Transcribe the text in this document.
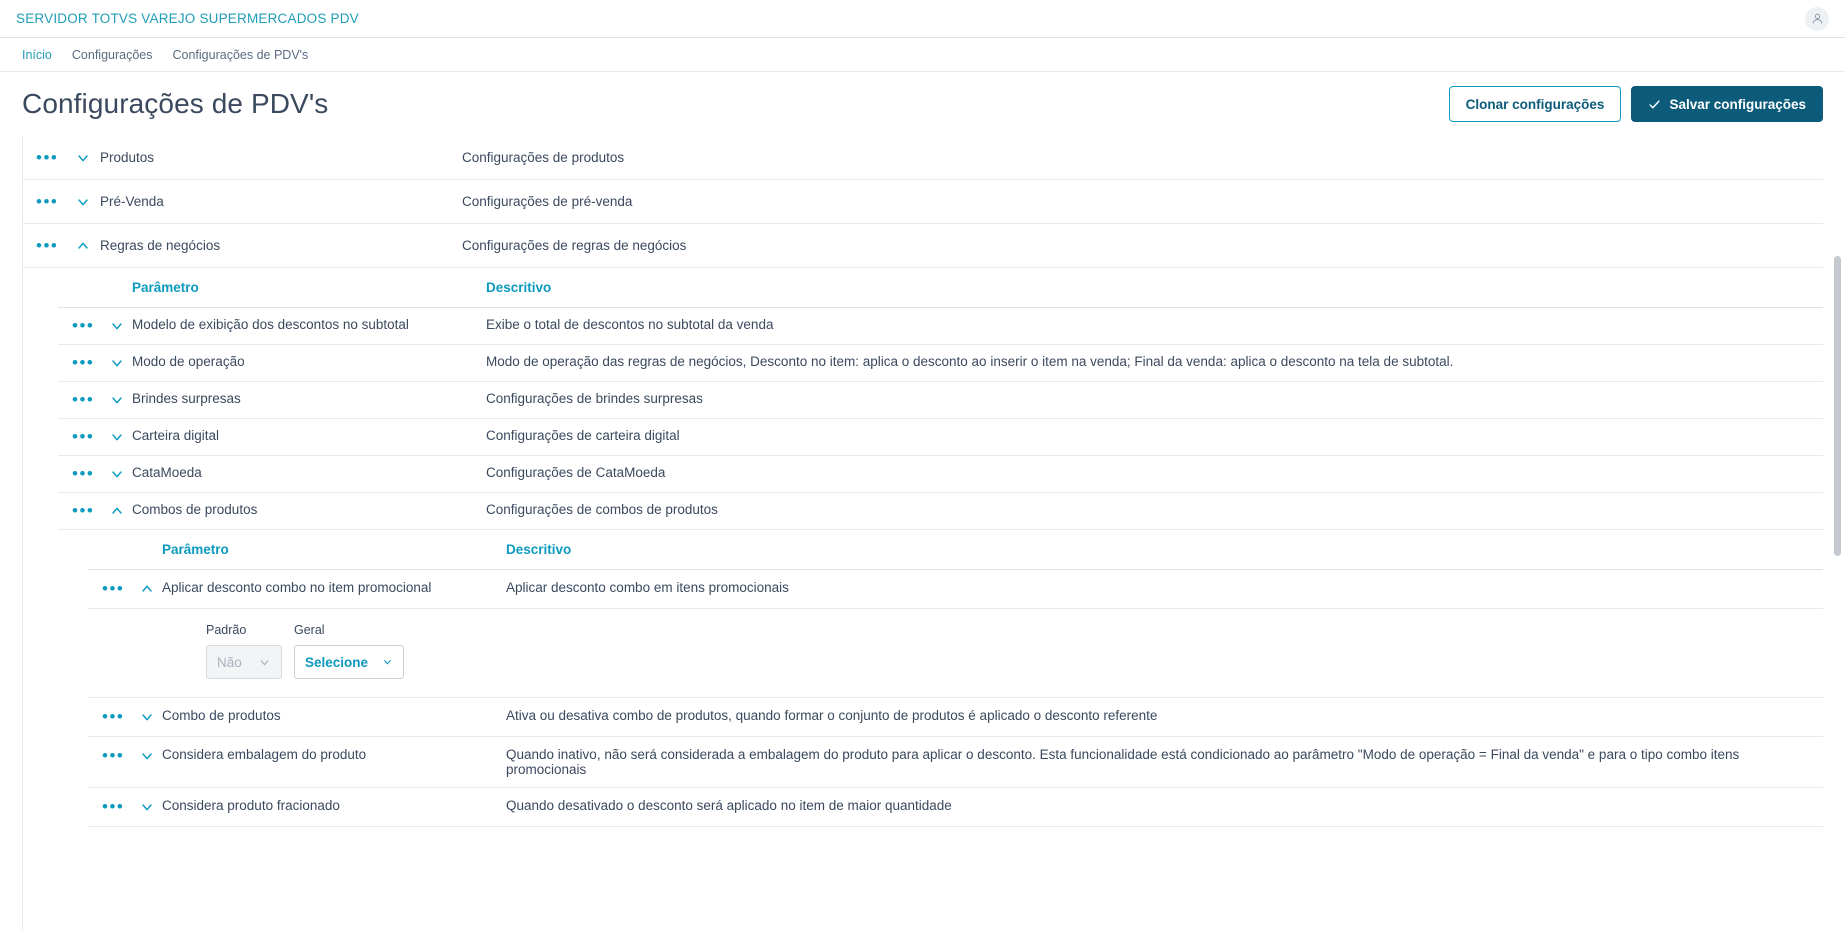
SERVIDOR TOTVS VAREJO SUPERMERCADOS PDV
Início	Configurações	Configurações de PDV's
Configurações de PDV's	Clonar configurações	Salvar configurações
•••	Produtos	Configurações de produtos
•••	Pré-Venda	Configurações de pré-venda
•••	Regras de negócios	Configurações de regras de negócios
Parâmetro	Descritivo
•••	Modelo de exibição dos descontos no subtotal	Exibe o total de descontos no subtotal da venda
•••	Modo de operação	Modo de operação das regras de negócios, Desconto no item: aplica o desconto ao inserir o item na venda; Final da venda: aplica o desconto na tela de subtotal.
•••	Brindes surpresas	Configurações de brindes surpresas
•••	Carteira digital	Configurações de carteira digital
•••	CataMoeda	Configurações de CataMoeda
•••	Combos de produtos	Configurações de combos de produtos
Parâmetro	Descritivo
•••	Aplicar desconto combo no item promocional	Aplicar desconto combo em itens promocionais
Padrão
Não
Geral
Selecione
•••	Combo de produtos	Ativa ou desativa combo de produtos, quando formar o conjunto de produtos é aplicado o desconto referente
•••	Considera embalagem do produto	Quando inativo, não será considerada a embalagem do produto para aplicar o desconto. Esta funcionalidade está condicionado ao parâmetro "Modo de operação = Final da venda" e para o tipo combo itens promocionais
•••	Considera produto fracionado	Quando desativado o desconto será aplicado no item de maior quantidade
